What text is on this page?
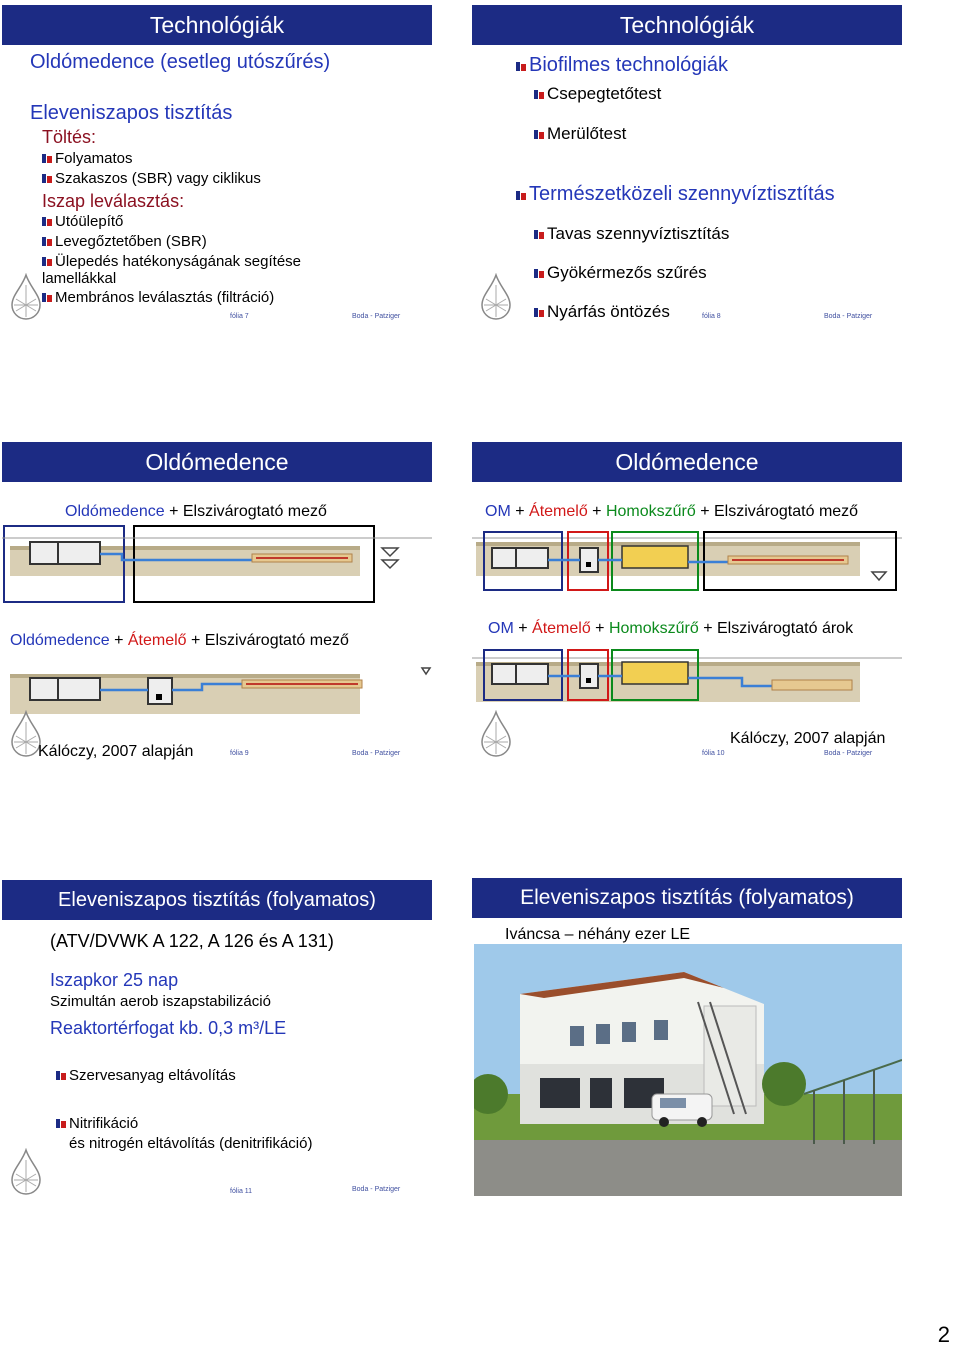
Technológiák
Oldómedence (esetleg utószűrés)
Eleveniszapos tisztítás
Töltés:
Folyamatos
Szakaszos (SBR) vagy ciklikus
Iszap leválasztás:
Utóülepítő
Levegőztetőben (SBR)
Ülepedés hatékonyságának segítése
lamellákkal
Membrános leválasztás (filtráció)
fólia 7	Boda - Patziger
Technológiák
Biofilmes technológiák
Csepegtetőtest
Merülőtest
Természetközeli szennyvíztisztítás
Tavas szennyvíztisztítás
Gyökérmezős szűrés
Nyárfás öntözés	fólia 8	Boda - Patziger
Oldómedence
Oldómedence + Elszivárogtató mező
Oldómedence + Átemelő + Elszivárogtató mező
Kálóczy, 2007 alapján	fólia 9	Boda - Patziger
Oldómedence
OM + Átemelő + Homokszűrő + Elszivárogtató mező
OM + Átemelő + Homokszűrő + Elszivárogtató árok
Kálóczy, 2007 alapján
fólia 10	Boda - Patziger
Eleveniszapos tisztítás (folyamatos)
(ATV/DVWK A 122, A 126 és A 131)
Iszapkor 25 nap
Szimultán aerob iszapstabilizáció
Reaktortérfogat kb. 0,3 m³/LE
Szervesanyag eltávolítás
Nitrifikáció
és nitrogén eltávolítás (denitrifikáció)
fólia 11	Boda - Patziger
Eleveniszapos tisztítás (folyamatos)
Iváncsa – néhány ezer LE
2
